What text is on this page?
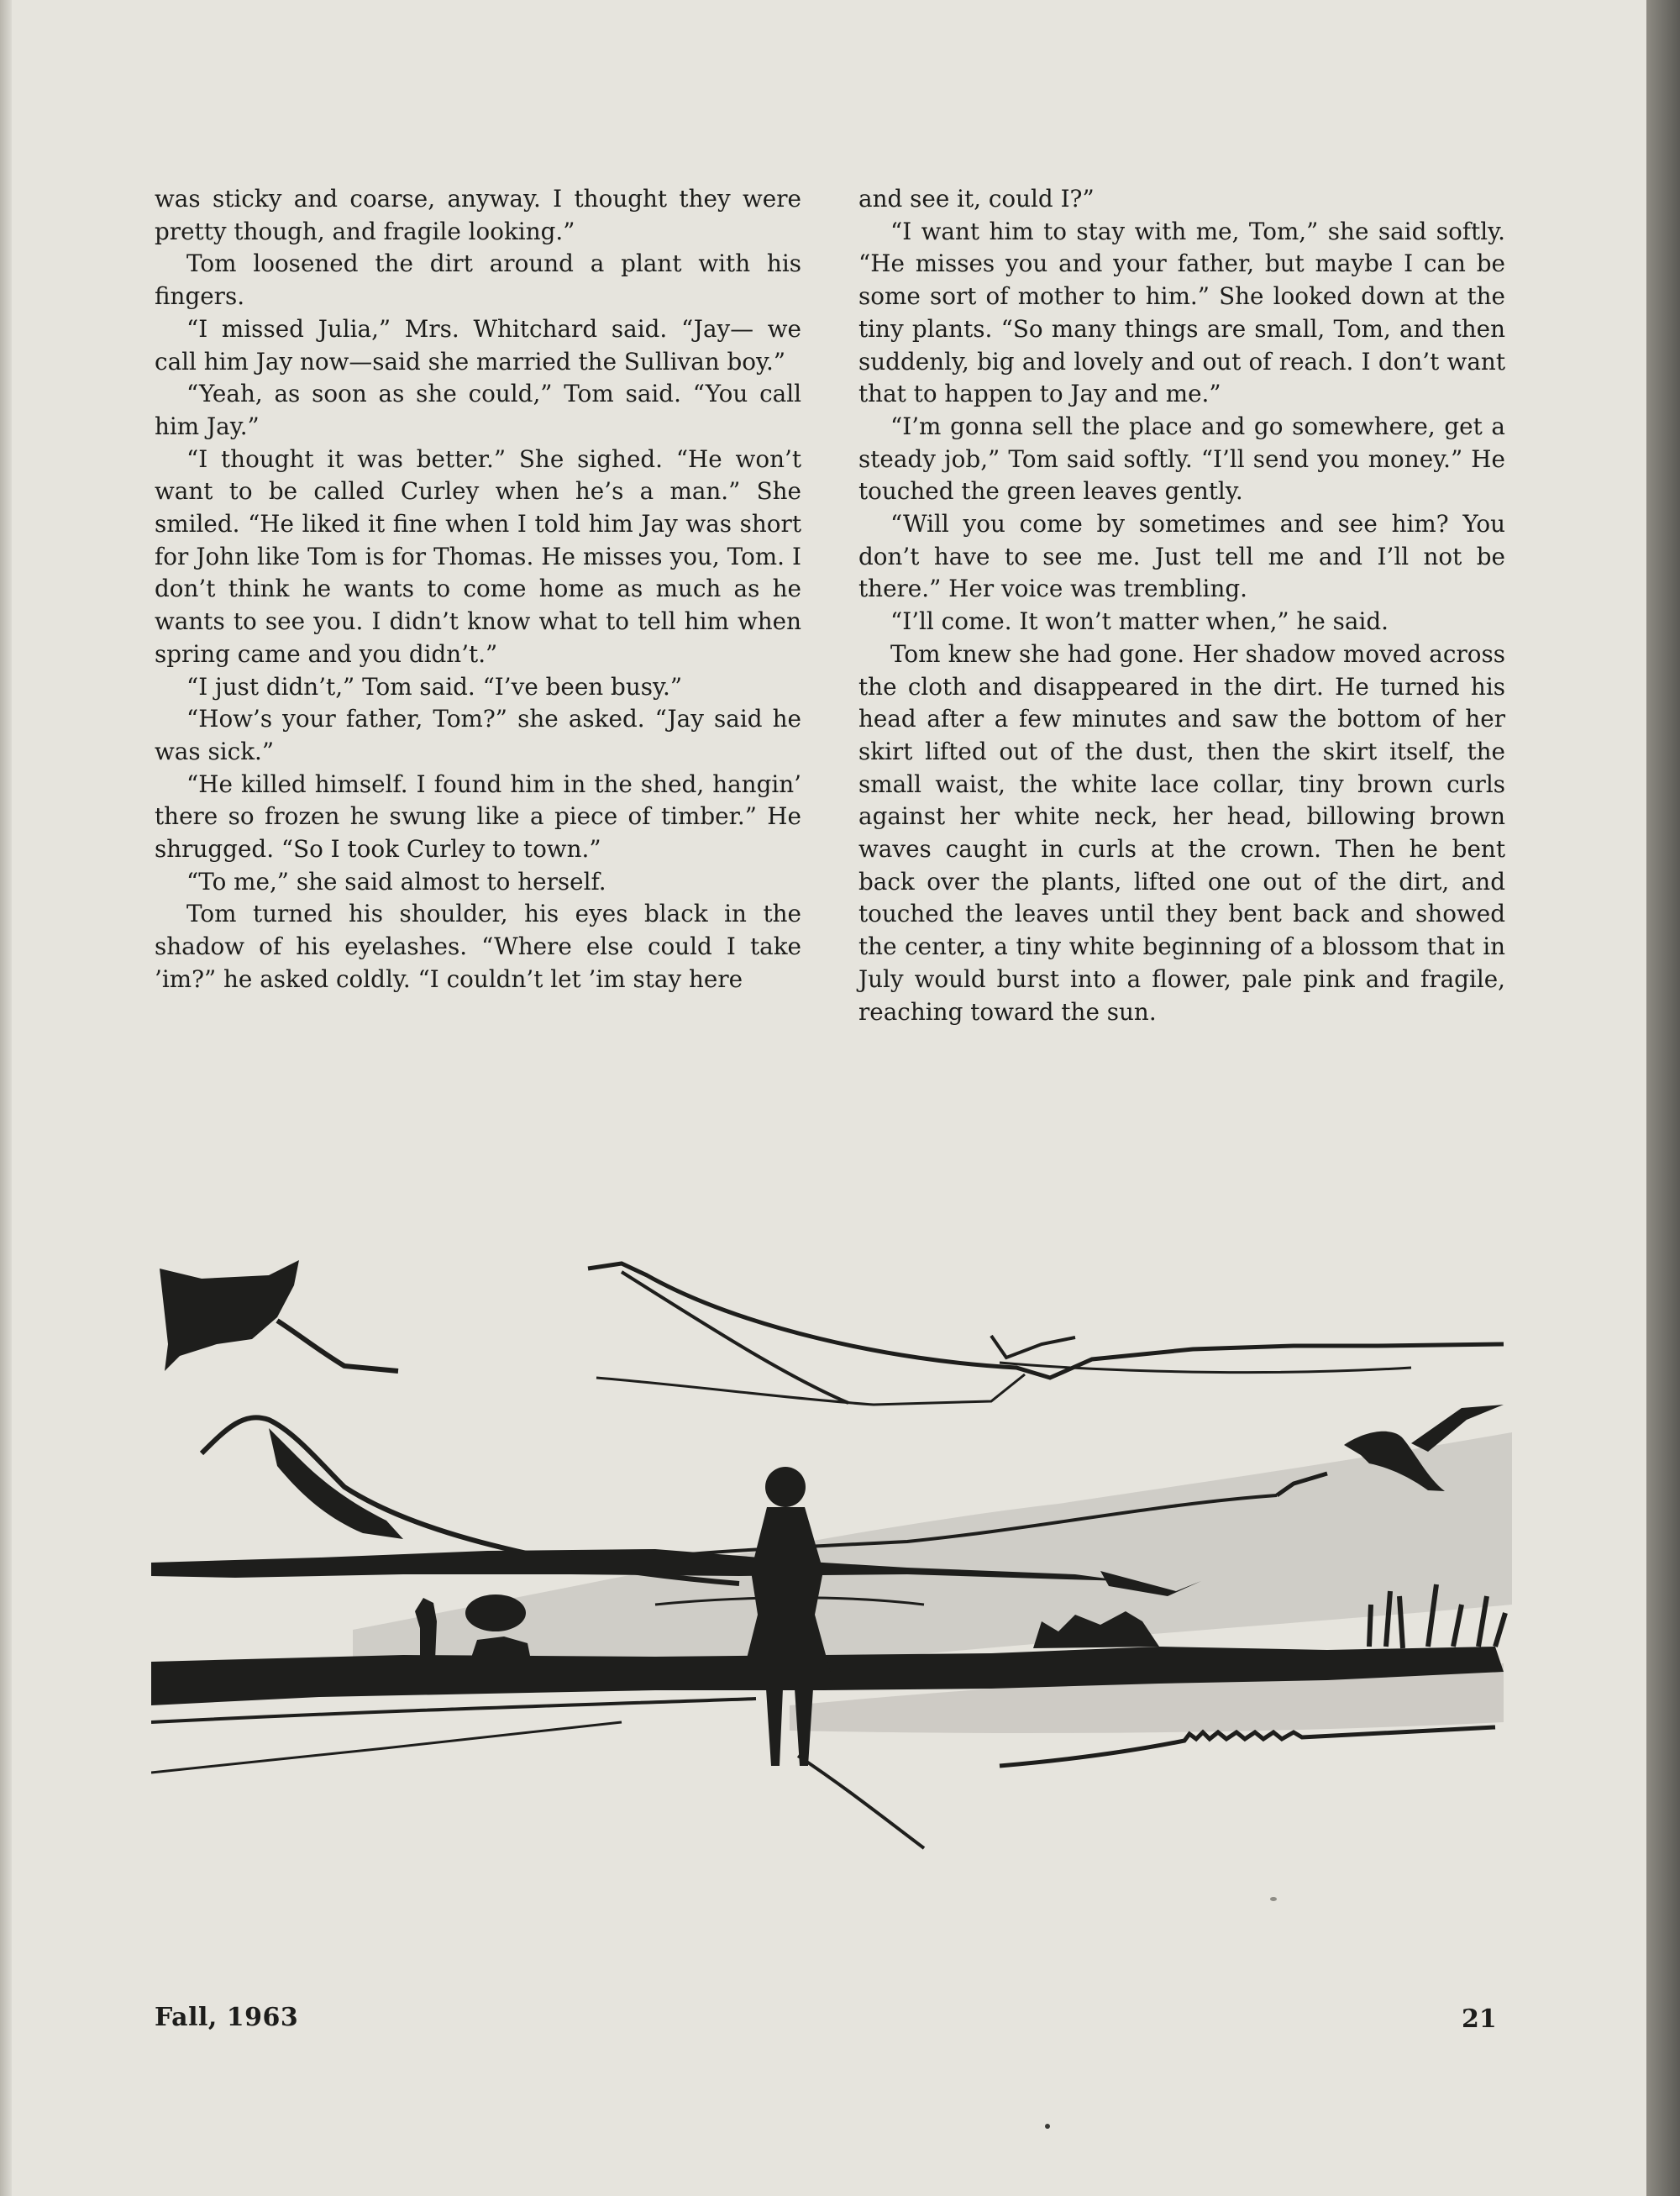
was sticky and coarse, anyway. I thought they were pretty though, and fragile looking.”

Tom loosened the dirt around a plant with his fingers.

“I missed Julia,” Mrs. Whitchard said. “Jay— we call him Jay now—said she married the Sullivan boy.”

“Yeah, as soon as she could,” Tom said. “You call him Jay.”

“I thought it was better.” She sighed. “He won’t want to be called Curley when he’s a man.” She smiled. “He liked it fine when I told him Jay was short for John like Tom is for Thomas. He misses you, Tom. I don’t think he wants to come home as much as he wants to see you. I didn’t know what to tell him when spring came and you didn’t.”

“I just didn’t,” Tom said. “I’ve been busy.”

“How’s your father, Tom?” she asked. “Jay said he was sick.”

“He killed himself. I found him in the shed, hangin’ there so frozen he swung like a piece of timber.” He shrugged. “So I took Curley to town.”

“To me,” she said almost to herself.

Tom turned his shoulder, his eyes black in the shadow of his eyelashes. “Where else could I take ’im?” he asked coldly. “I couldn’t let ’im stay here

and see it, could I?”

“I want him to stay with me, Tom,” she said softly. “He misses you and your father, but maybe I can be some sort of mother to him.” She looked down at the tiny plants. “So many things are small, Tom, and then suddenly, big and lovely and out of reach. I don’t want that to happen to Jay and me.”

“I’m gonna sell the place and go somewhere, get a steady job,” Tom said softly. “I’ll send you money.” He touched the green leaves gently.

“Will you come by sometimes and see him? You don’t have to see me. Just tell me and I’ll not be there.” Her voice was trembling.

“I’ll come. It won’t matter when,” he said.

Tom knew she had gone. Her shadow moved across the cloth and disappeared in the dirt. He turned his head after a few minutes and saw the bottom of her skirt lifted out of the dust, then the skirt itself, the small waist, the white lace collar, tiny brown curls against her white neck, her head, billowing brown waves caught in curls at the crown. Then he bent back over the plants, lifted one out of the dirt, and touched the leaves until they bent back and showed the center, a tiny white beginning of a blossom that in July would burst into a flower, pale pink and fragile, reaching toward the sun.

Fall, 1963	21
